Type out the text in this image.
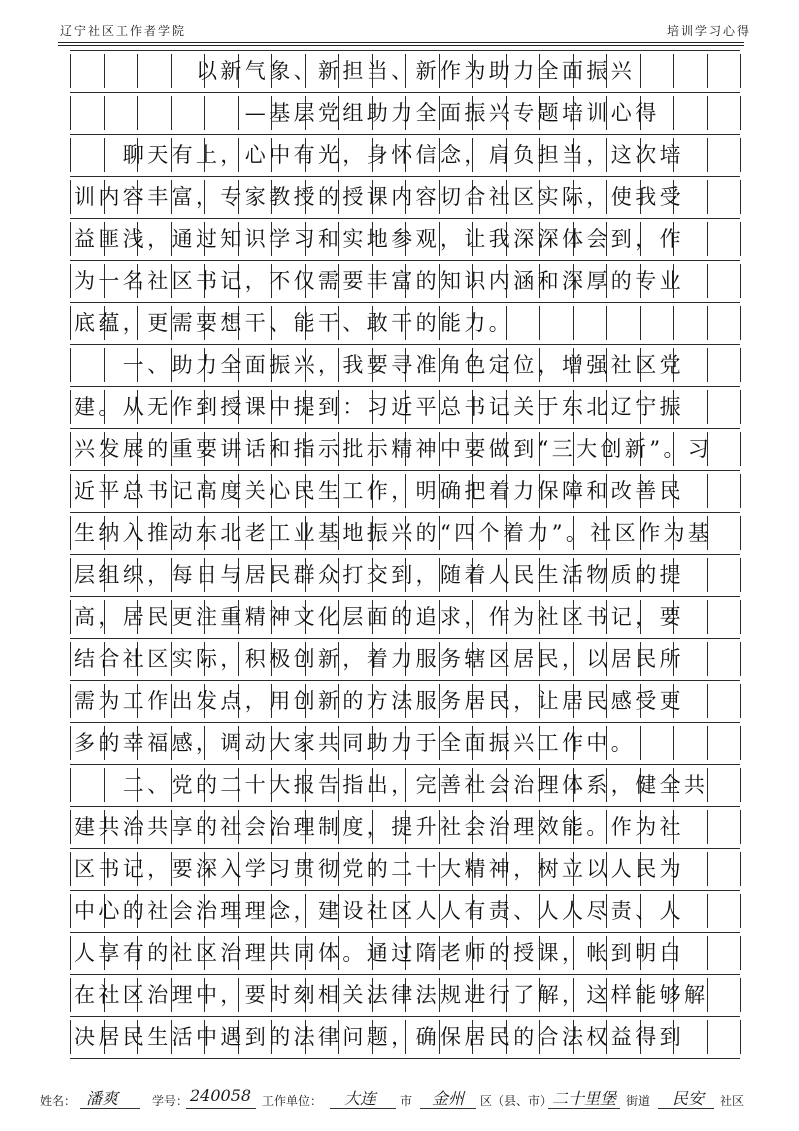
辽宁社区工作者学院	培训学习心得
　　　　　以新气象、新担当、新作为助力全面振兴
　　　　　　　—基层党组助力全面振兴专题培训心得
　　聊天有上，心中有光，身怀信念，肩负担当，这次培
训内容丰富，专家教授的授课内容切合社区实际，使我受
益匪浅，通过知识学习和实地参观，让我深深体会到，作
为一名社区书记，不仅需要丰富的知识内涵和深厚的专业
底蕴，更需要想干、能干、敢干的能力。
　　一、助力全面振兴，我要寻准角色定位，增强社区党
建。从无作到授课中提到：习近平总书记关于东北辽宁振
兴发展的重要讲话和指示批示精神中要做到“三大创新”。习
近平总书记高度关心民生工作，明确把着力保障和改善民
生纳入推动东北老工业基地振兴的“四个着力”。社区作为基
层组织，每日与居民群众打交到，随着人民生活物质的提
高，居民更注重精神文化层面的追求，作为社区书记，要
结合社区实际，积极创新，着力服务辖区居民，以居民所
需为工作出发点，用创新的方法服务居民，让居民感受更
多的幸福感，调动大家共同助力于全面振兴工作中。
　　二、党的二十大报告指出，完善社会治理体系，健全共
建共治共享的社会治理制度，提升社会治理效能。作为社
区书记，要深入学习贯彻党的二十大精神，树立以人民为
中心的社会治理理念，建设社区人人有责、人人尽责、人
人享有的社区治理共同体。通过隋老师的授课，帐到明白
在社区治理中，要时刻相关法律法规进行了解，这样能够解
决居民生活中遇到的法律问题，确保居民的合法权益得到
姓名： 潘爽	学号： 240058 工作单位： 大连 市 金州 区（县、市） 二十里堡 街道 民安 社区
